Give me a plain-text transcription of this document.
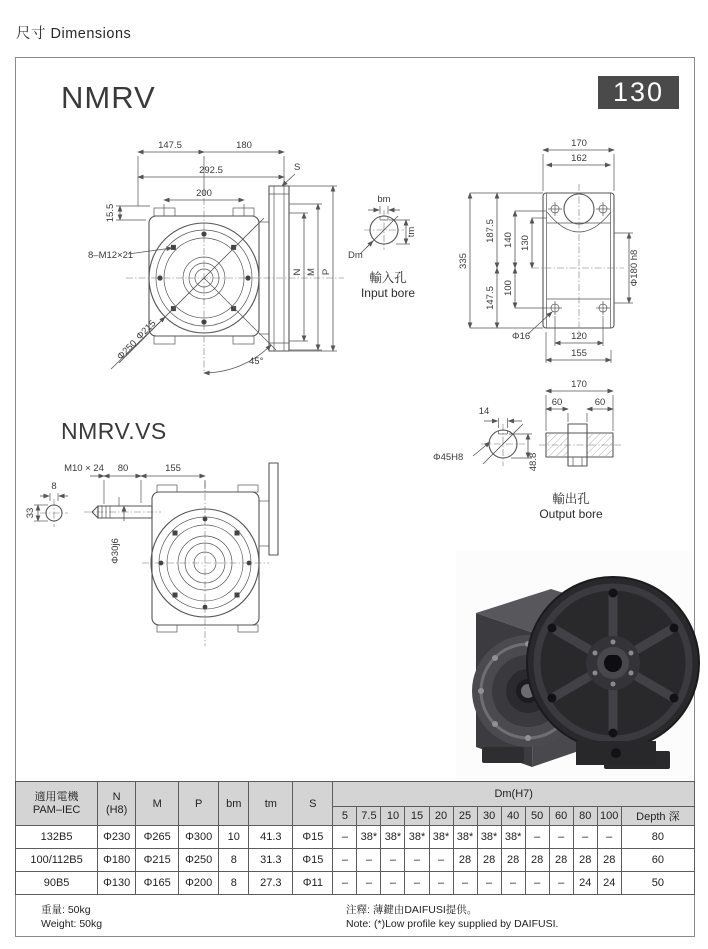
尺寸 Dimensions
NMRV	130
NMRV.VS
147.5	180
292.5
200
15.5
8–M12×21
Φ215
Φ250	45°
S
N M P
bm
tm
Dm
輸入孔
Input bore
170
162
335
187.5 140 130
147.5 100
Φ180 h8
Φ16	120
155
14
Φ45H8	48.8
170
60	60
輸出孔
Output bore
8
33
Φ30j6
M10 × 24 80	155
適用電機
PAM–IEC	N
(H8)	M	P	bm	tm	S	Dm(H7)												
							5	7.5	10	15	20	25	30	40	50	60	80	100	Depth 深
132B5	Φ230	Φ265	Φ300	10	41.3	Φ15	–	38*	38*	38*	38*	38*	38*	38*	–	–	–	–	80
100/112B5	Φ180	Φ215	Φ250	8	31.3	Φ15	–	–	–	–	–	28	28	28	28	28	28	28	60
90B5	Φ130	Φ165	Φ200	8	27.3	Φ11	–	–	–	–	–	–	–	–	–	–	24	24	50
重量: 50kg
Weight: 50kg
注釋: 薄鍵由DAIFUSI提供。
Note: (*)Low profile key supplied by DAIFUSI.
